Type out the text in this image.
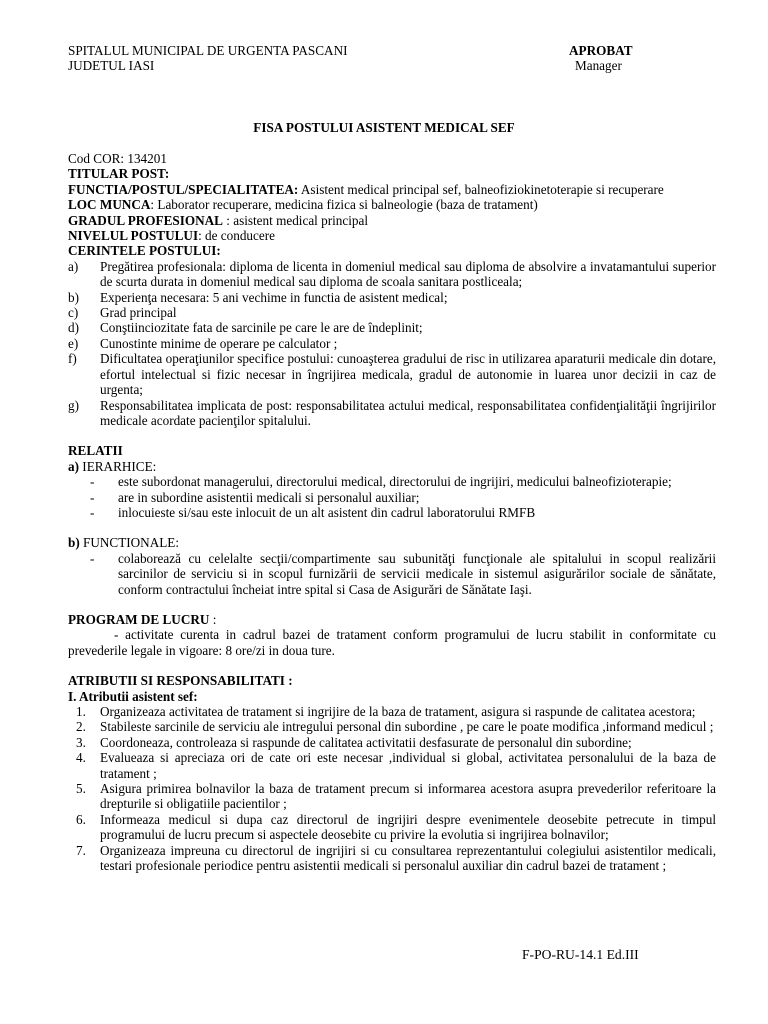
SPITALUL MUNICIPAL DE URGENTA PASCANI
JUDETUL IASI
APROBAT
Manager
FISA POSTULUI ASISTENT MEDICAL SEF
Cod COR: 134201
TITULAR POST:
FUNCTIA/POSTUL/SPECIALITATEA: Asistent medical principal sef, balneofiziokinetoterapie si recuperare
LOC MUNCA: Laborator recuperare, medicina fizica si balneologie (baza de tratament)
GRADUL PROFESIONAL : asistent medical principal
NIVELUL POSTULUI: de conducere
CERINTELE POSTULUI:
a) Pregătirea profesionala: diploma de licenta in domeniul medical sau diploma de absolvire a invatamantului superior de scurta durata in domeniul medical sau diploma de scoala sanitara postliceala;
b) Experienţa necesara: 5 ani vechime in functia de asistent medical;
c) Grad principal
d) Conştiinciozitate fata de sarcinile pe care le are de îndeplinit;
e) Cunostinte minime de operare pe calculator ;
f) Dificultatea operaţiunilor specifice postului: cunoaşterea gradului de risc in utilizarea aparaturii medicale din dotare, efortul intelectual si fizic necesar in îngrijirea medicala, gradul de autonomie in luarea unor decizii in caz de urgenta;
g) Responsabilitatea implicata de post: responsabilitatea actului medical, responsabilitatea confidenţialităţii îngrijirilor medicale acordate pacienţilor spitalului.
RELATII
a) IERARHICE:
- este subordonat managerului, directorului medical, directorului de ingrijiri, medicului balneofizioterapie;
- are in subordine asistentii medicali si personalul auxiliar;
- inlocuieste si/sau este inlocuit de un alt asistent din cadrul laboratorului RMFB
b) FUNCTIONALE:
- colaborează cu celelalte secţii/compartimente sau subunităţi funcţionale ale spitalului in scopul realizării sarcinilor de serviciu si in scopul furnizării de servicii medicale in sistemul asigurărilor sociale de sănătate, conform contractului încheiat intre spital si Casa de Asigurări de Sănătate Iaşi.
PROGRAM DE LUCRU :
- activitate curenta in cadrul bazei de tratament conform programului de lucru stabilit in conformitate cu prevederile legale in vigoare: 8 ore/zi in doua ture.
ATRIBUTII SI RESPONSABILITATI :
I. Atributii asistent sef:
1. Organizeaza activitatea de tratament si ingrijire de la baza de tratament, asigura si raspunde de calitatea acestora;
2. Stabileste sarcinile de serviciu ale intregului personal din subordine , pe care le poate modifica ,informand medicul ;
3. Coordoneaza, controleaza si raspunde de calitatea activitatii desfasurate de personalul din subordine;
4. Evalueaza si apreciaza ori de cate ori este necesar ,individual si global, activitatea personalului de la baza de tratament ;
5. Asigura primirea bolnavilor la baza de tratament precum si informarea acestora asupra prevederilor referitoare la drepturile si obligatiile pacientilor ;
6. Informeaza medicul si dupa caz directorul de ingrijiri despre evenimentele deosebite petrecute in timpul programului de lucru precum si aspectele deosebite cu privire la evolutia si ingrijirea bolnavilor;
7. Organizeaza impreuna cu directorul de ingrijiri si cu consultarea reprezentantului colegiului asistentilor medicali, testari profesionale periodice pentru asistentii medicali si personalul auxiliar din cadrul bazei de tratament ;
F-PO-RU-14.1 Ed.III
